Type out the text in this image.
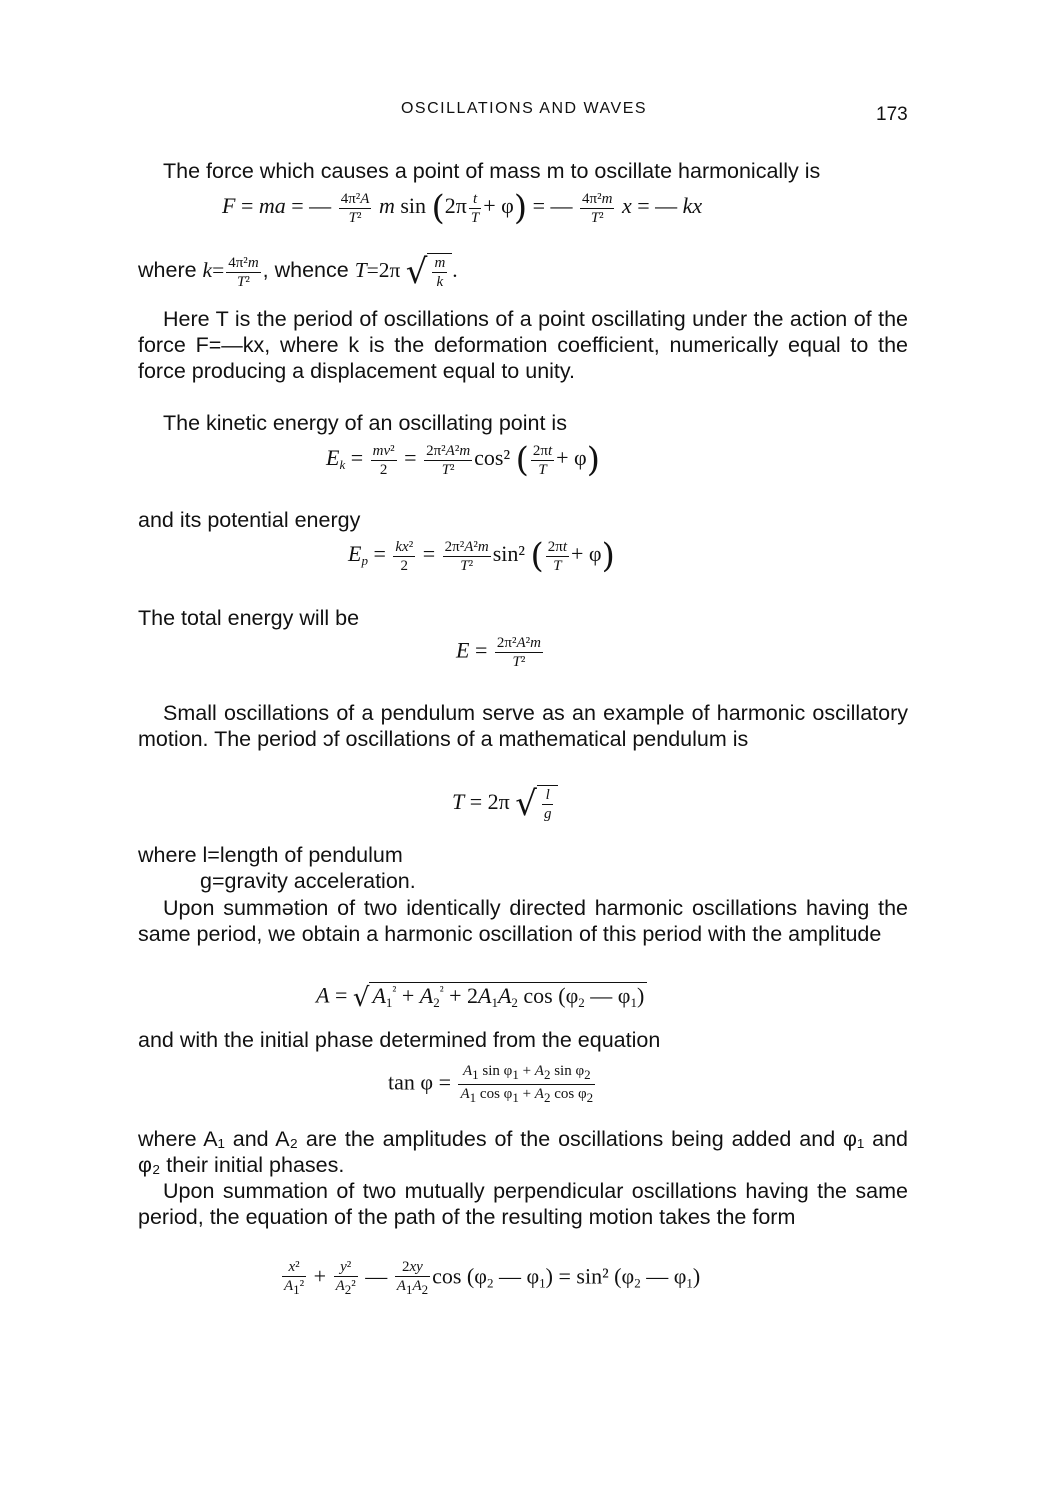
OSCILLATIONS AND WAVES	173
The force which causes a point of mass m to oscillate harmonically is
F = ma = — $\frac{\text{4π²A}}{\text{T²}}$ m $\sin (2\pi \frac{t}{T} + \varphi)$ = — $\frac{\text{4π²m}}{\text{T²}}$ x = — kx
where $k= \frac{\text{4π²m}}{\text{T²}}$ , whence T=2π √ $\frac{m}{k}$ .
Here T is the period of oscillations of a point oscillating under the action of the force F=—kx, where k is the deformation coefficient, numerically equal to the force producing a displacement equal to unity.
The kinetic energy of an oscillating point is
$E_k = \frac{\text{mv²}}{2} = \frac{\text{2π²A²m}}{\text{T²}} \cos^2$ ( $\frac{2\pi t}{T} + \varphi$)
and its potential energy
$E_p = \frac{\text{kx²}}{2} = \frac{\text{2π²A²m}}{\text{T²}} \sin^2$ ( $\frac{2\pi t}{T} + \varphi$)
The total energy will be
$E = \frac{\text{2π²A²m}}{\text{T²}}$
Small oscillations of a pendulum serve as an example of harmonic oscillatory motion. The period ɔf oscillations of a mathematical pendulum is
T = 2π √ $\frac{l}{g}$
where l=length of pendulum
g=gravity acceleration.
Upon summətion of two identically directed harmonic oscillations having the same period, we obtain a harmonic oscillation of this period with the amplitude
A = √ $A_1^{^2} + A_2^{^2} + 2A_1A_2$ $\cos (\varphi_2$ — $\varphi_1$)
and with the initial phase determined from the equation
$\tan \varphi = \frac{\text{A1 sin φ1 + A2 sin φ2}}{\text{A1 cos φ1 + A2 cos φ2}}$
where A₁ and A₂ are the amplitudes of the oscillations being added and φ₁ and φ₂ their initial phases.
Upon summation of two mutually perpendicular oscillations having the same period, the equation of the path of the resulting motion takes the form
$\frac{\text{x²}}{\text{A1²}} + \frac{\text{y²}}{\text{A2²}}$ — $\frac{2xy}{A1A2}$ $\cos (\varphi_2$ — $\varphi_1) = \sin^2$ ($\varphi_2$ — $\varphi_1$)
